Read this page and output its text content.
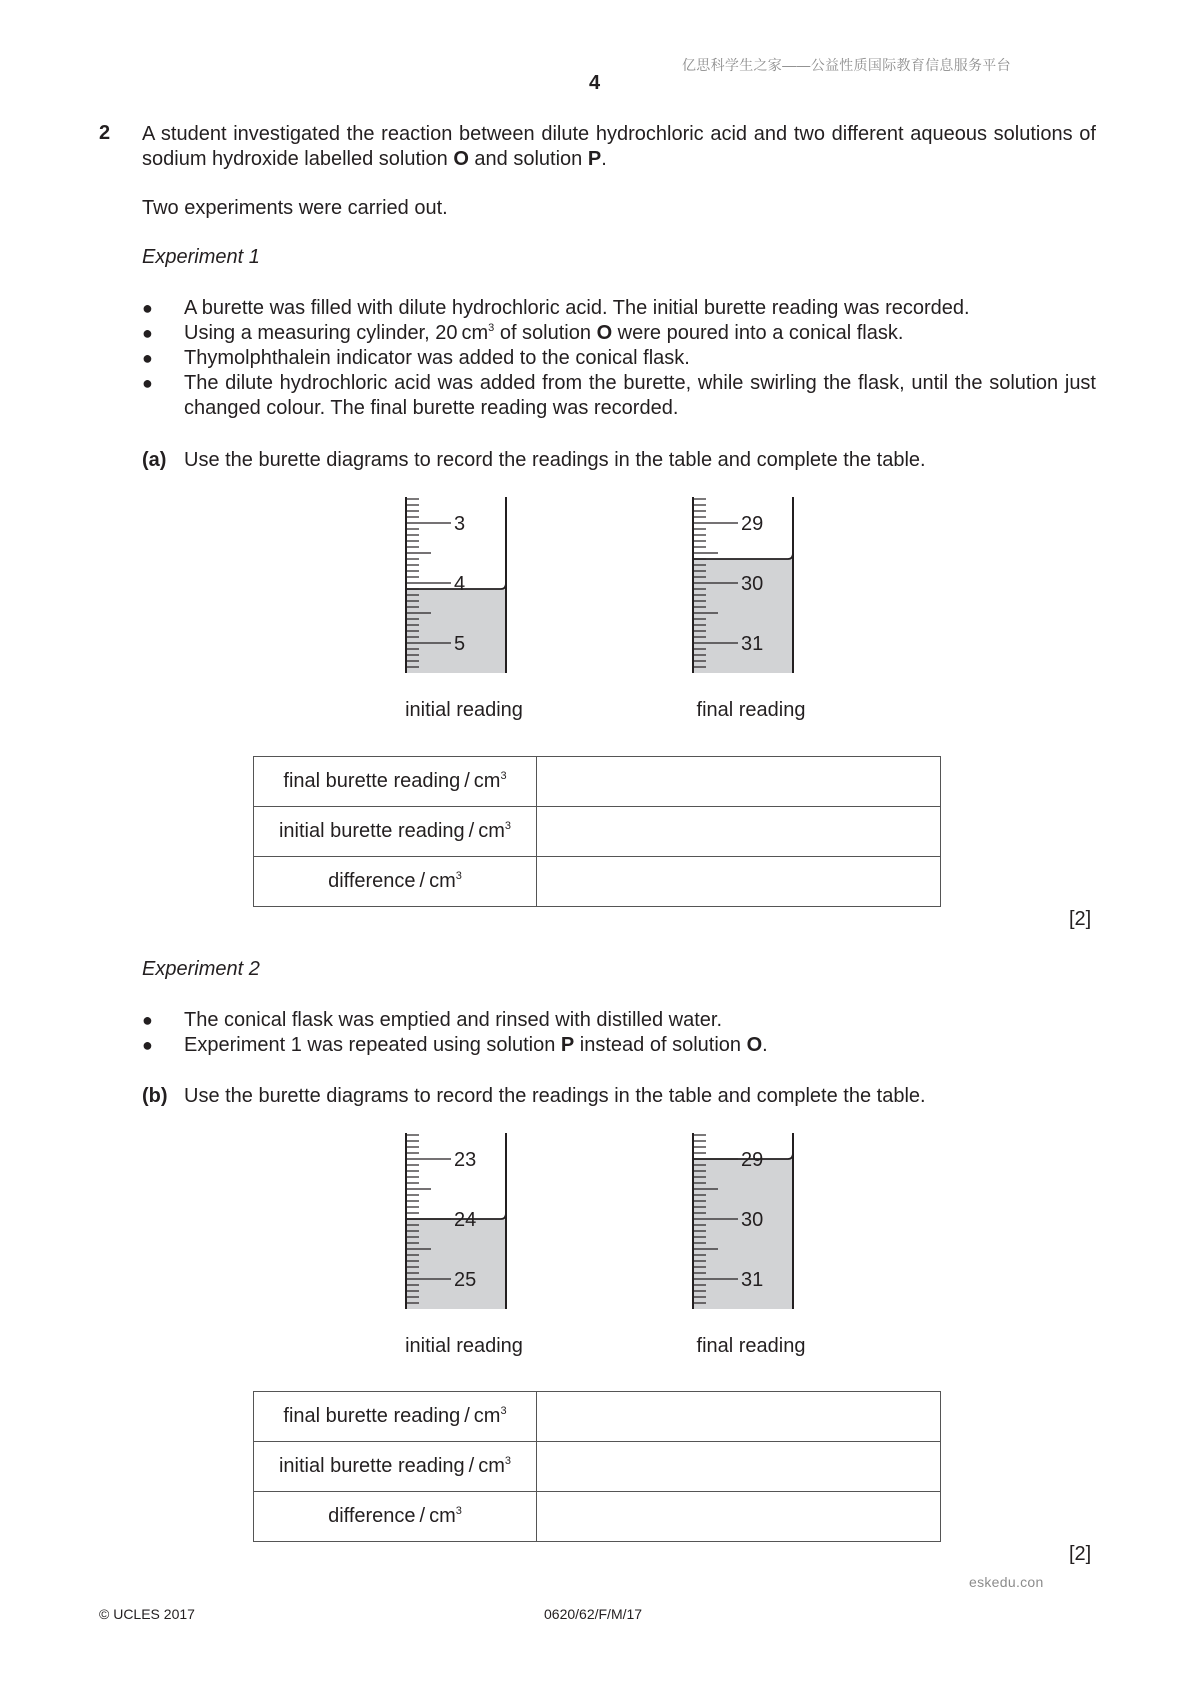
亿思科学生之家——公益性质国际教育信息服务平台
4
2 A student investigated the reaction between dilute hydrochloric acid and two different aqueous solutions of sodium hydroxide labelled solution O and solution P.
Two experiments were carried out.
Experiment 1
● A burette was filled with dilute hydrochloric acid. The initial burette reading was recorded.
● Using a measuring cylinder, 20 $cm^3$ of solution O were poured into a conical flask.
● Thymolphthalein indicator was added to the conical flask.
● The dilute hydrochloric acid was added from the burette, while swirling the flask, until the solution just changed colour. The final burette reading was recorded.
(a) Use the burette diagrams to record the readings in the table and complete the table.
3
4
5
initial reading
29
30
31
final reading
final burette reading / $cm^3$	
initial burette reading / $cm^3$	
difference / $cm^3$	
[2]
Experiment 2
● The conical flask was emptied and rinsed with distilled water.
● Experiment 1 was repeated using solution P instead of solution O.
(b) Use the burette diagrams to record the readings in the table and complete the table.
23
24
25
initial reading
29
30
31
final reading
final burette reading / $cm^3$	
initial burette reading / $cm^3$	
difference / $cm^3$	
[2]
eskedu.con
© UCLES 2017	0620/62/F/M/17
